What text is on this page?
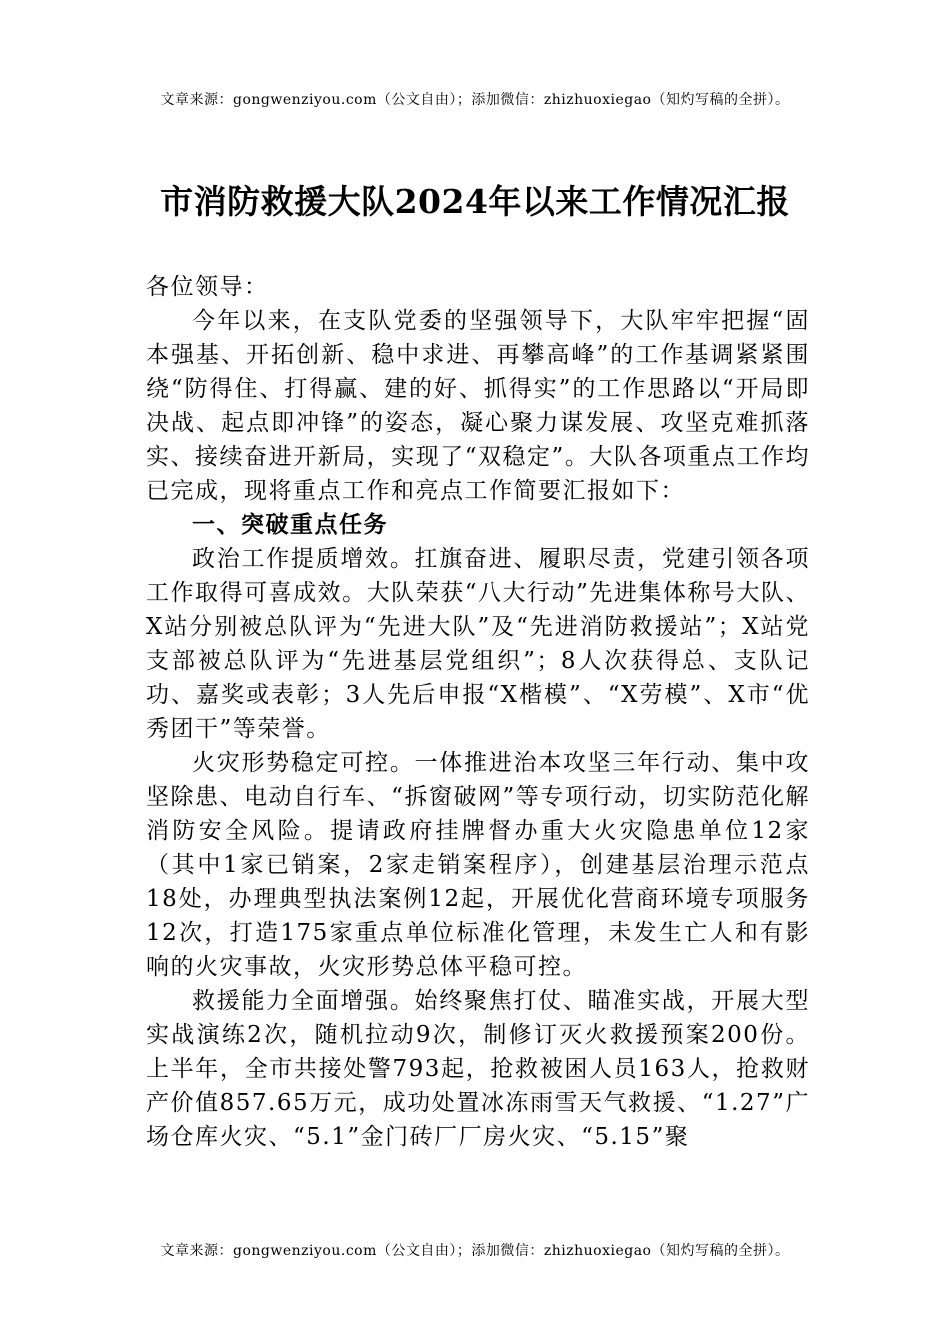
文章来源：gongwenziyou.com（公文自由）；添加微信：zhizhuoxiegao（知灼写稿的全拼）。
市消防救援大队2024年以来工作情况汇报

各位领导：

今年以来，在支队党委的坚强领导下，大队牢牢把握“固本强基、开拓创新、稳中求进、再攀高峰”的工作基调紧紧围绕“防得住、打得赢、建的好、抓得实”的工作思路以“开局即决战、起点即冲锋”的姿态，凝心聚力谋发展、攻坚克难抓落实、接续奋进开新局，实现了“双稳定”。大队各项重点工作均已完成，现将重点工作和亮点工作简要汇报如下：

一、突破重点任务

政治工作提质增效。扛旗奋进、履职尽责，党建引领各项工作取得可喜成效。大队荣获“八大行动”先进集体称号大队、X站分别被总队评为“先进大队”及“先进消防救援站”；X站党支部被总队评为“先进基层党组织”；8人次获得总、支队记功、嘉奖或表彰；3人先后申报“X楷模”、“X劳模”、X市“优秀团干”等荣誉。

火灾形势稳定可控。一体推进治本攻坚三年行动、集中攻坚除患、电动自行车、“拆窗破网”等专项行动，切实防范化解消防安全风险。提请政府挂牌督办重大火灾隐患单位12家（其中1家已销案，2家走销案程序），创建基层治理示范点18处，办理典型执法案例12起，开展优化营商环境专项服务12次，打造175家重点单位标准化管理，未发生亡人和有影响的火灾事故，火灾形势总体平稳可控。

救援能力全面增强。始终聚焦打仗、瞄准实战，开展大型实战演练2次，随机拉动9次，制修订灭火救援预案200份。上半年，全市共接处警793起，抢救被困人员163人，抢救财产价值857.65万元，成功处置冰冻雨雪天气救援、“1.27”广场仓库火灾、“5.1”金门砖厂厂房火灾、“5.15”聚

文章来源：gongwenziyou.com（公文自由）；添加微信：zhizhuoxiegao（知灼写稿的全拼）。
